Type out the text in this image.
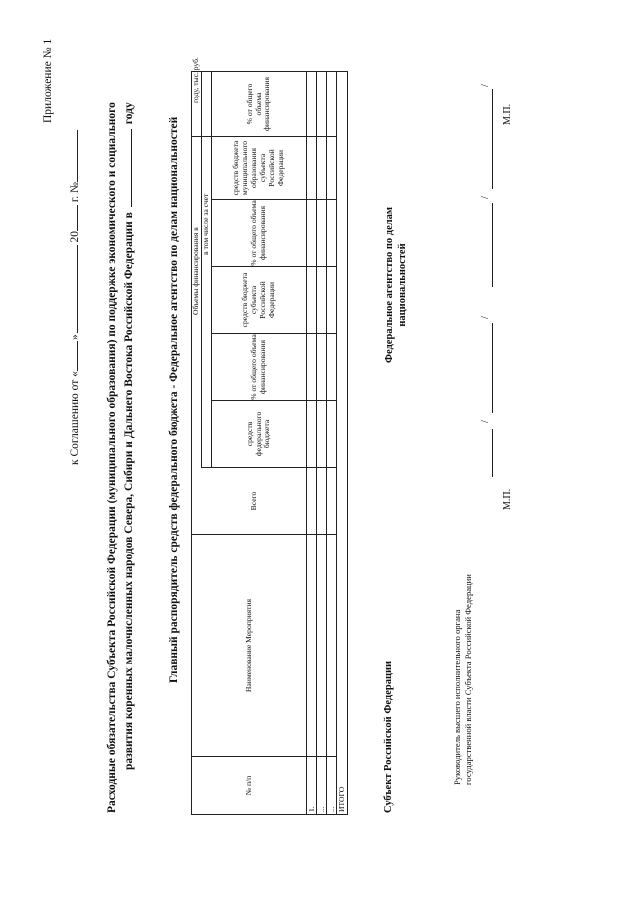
Приложение № 1
к Соглашению от «» 20 г. № Расходные обязательства Субъекта Российской Федерации (муниципального образования) по поддержке экономического и социального развития коренных малочисленных народов Севера, Сибири и Дальнего Востока Российской Федерации вгоду
Главный распорядитель средств федерального бюджета - Федеральное агентство по делам национальностей
№ п/п
Наименование Мероприятия
Объемы финансирования в
году, тыс. руб.
в том числе за счет
Всего
средств федерального бюджета
% от общего объема финансирования
средств бюджета субъекта Российской Федерации
% от общего объема финансирования
средств бюджета муниципального образования субъекта Российской Федерации
% от общего объема финансирования
1. ... ... ИТОГО	Субъект Российской Федерации
Федеральное агентство по делам национальностей
Руководитель высшего исполнительного органа государственной власти Субъекта Российской Федерации
/
/
М.П.
/
/
М.П.
